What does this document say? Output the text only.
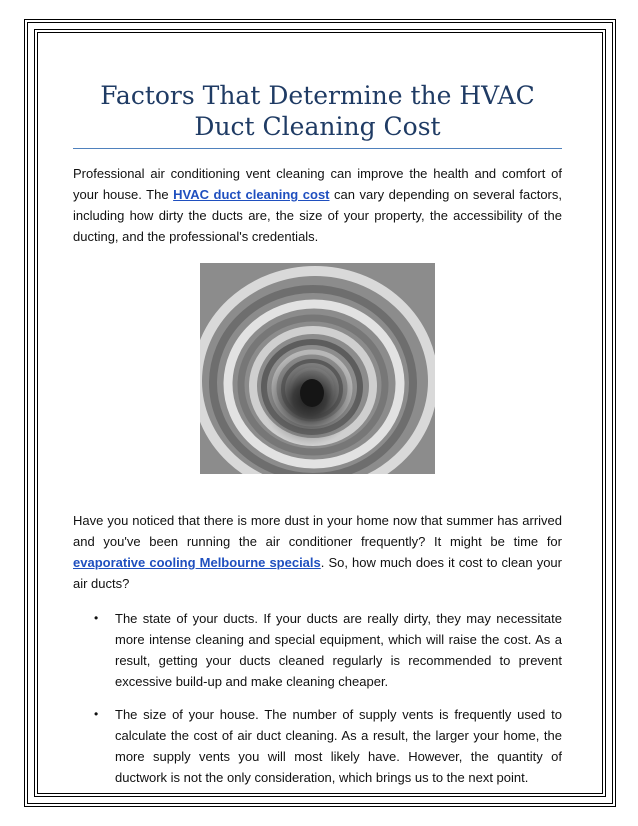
Factors That Determine the HVAC Duct Cleaning Cost

Professional air conditioning vent cleaning can improve the health and comfort of your house. The HVAC duct cleaning cost can vary depending on several factors, including how dirty the ducts are, the size of your property, the accessibility of the ducting, and the professional's credentials.

Have you noticed that there is more dust in your home now that summer has arrived and you've been running the air conditioner frequently? It might be time for evaporative cooling Melbourne specials. So, how much does it cost to clean your air ducts?

• The state of your ducts. If your ducts are really dirty, they may necessitate more intense cleaning and special equipment, which will raise the cost. As a result, getting your ducts cleaned regularly is recommended to prevent excessive build-up and make cleaning cheaper.
• The size of your house. The number of supply vents is frequently used to calculate the cost of air duct cleaning. As a result, the larger your home, the more supply vents you will most likely have. However, the quantity of ductwork is not the only consideration, which brings us to the next point.
